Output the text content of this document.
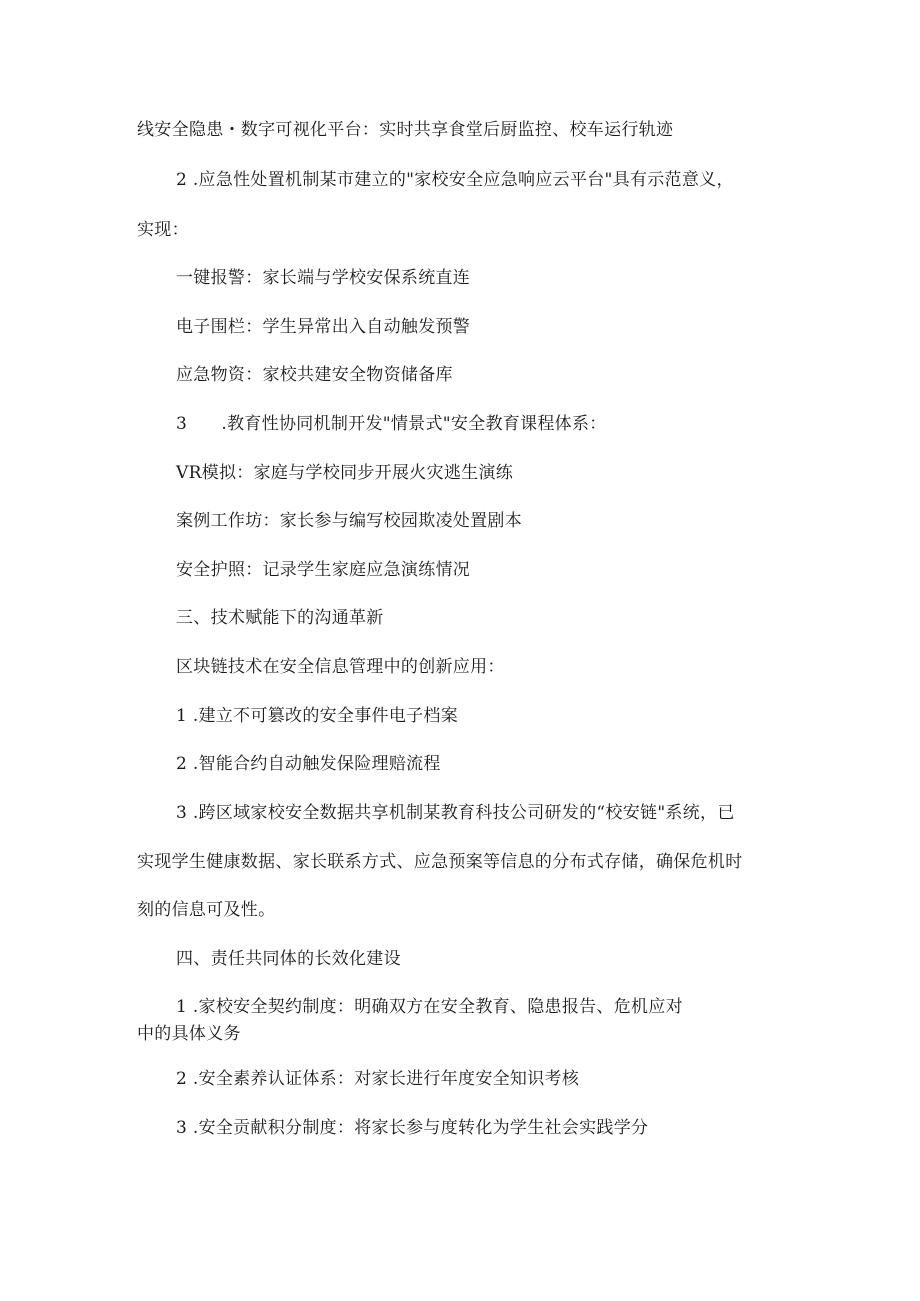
线安全隐患・数字可视化平台：实时共享食堂后厨监控、校车运行轨迹
2 .应急性处置机制某市建立的"家校安全应急响应云平台"具有示范意义，
实现：
一键报警：家长端与学校安保系统直连
电子围栏：学生异常出入自动触发预警
应急物资：家校共建安全物资储备库
3      .教育性协同机制开发"情景式"安全教育课程体系：
VR模拟：家庭与学校同步开展火灾逃生演练
案例工作坊：家长参与编写校园欺凌处置剧本
安全护照：记录学生家庭应急演练情况
三、技术赋能下的沟通革新
区块链技术在安全信息管理中的创新应用：
1 .建立不可篡改的安全事件电子档案
2 .智能合约自动触发保险理赔流程
3 .跨区域家校安全数据共享机制某教育科技公司研发的“校安链"系统，已
实现学生健康数据、家长联系方式、应急预案等信息的分布式存储，确保危机时
刻的信息可及性。
四、责任共同体的长效化建设
1 .家校安全契约制度：明确双方在安全教育、隐患报告、危机应对
中的具体义务
2 .安全素养认证体系：对家长进行年度安全知识考核
3 .安全贡献积分制度：将家长参与度转化为学生社会实践学分
